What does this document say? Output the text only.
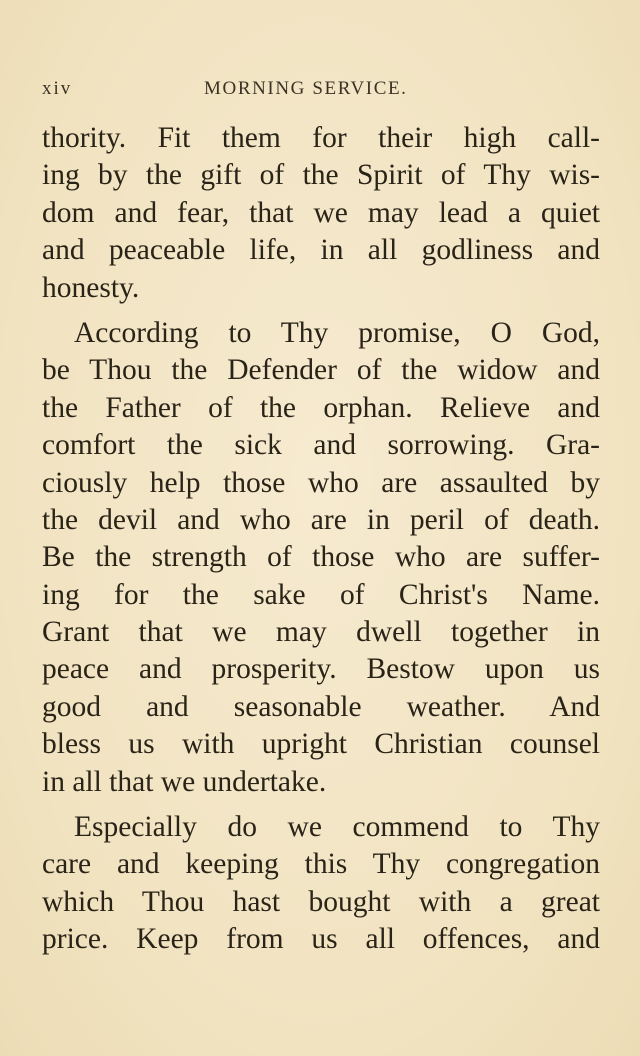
xiv	MORNING SERVICE.
thority. Fit them for their high call-
ing by the gift of the Spirit of Thy wis-
dom and fear, that we may lead a quiet
and peaceable life, in all godliness and
honesty.
According to Thy promise, O God,
be Thou the Defender of the widow and
the Father of the orphan. Relieve and
comfort the sick and sorrowing. Gra-
ciously help those who are assaulted by
the devil and who are in peril of death.
Be the strength of those who are suffer-
ing for the sake of Christ's Name.
Grant that we may dwell together in
peace and prosperity. Bestow upon us
good and seasonable weather. And
bless us with upright Christian counsel
in all that we undertake.
Especially do we commend to Thy
care and keeping this Thy congregation
which Thou hast bought with a great
price. Keep from us all offences, and
